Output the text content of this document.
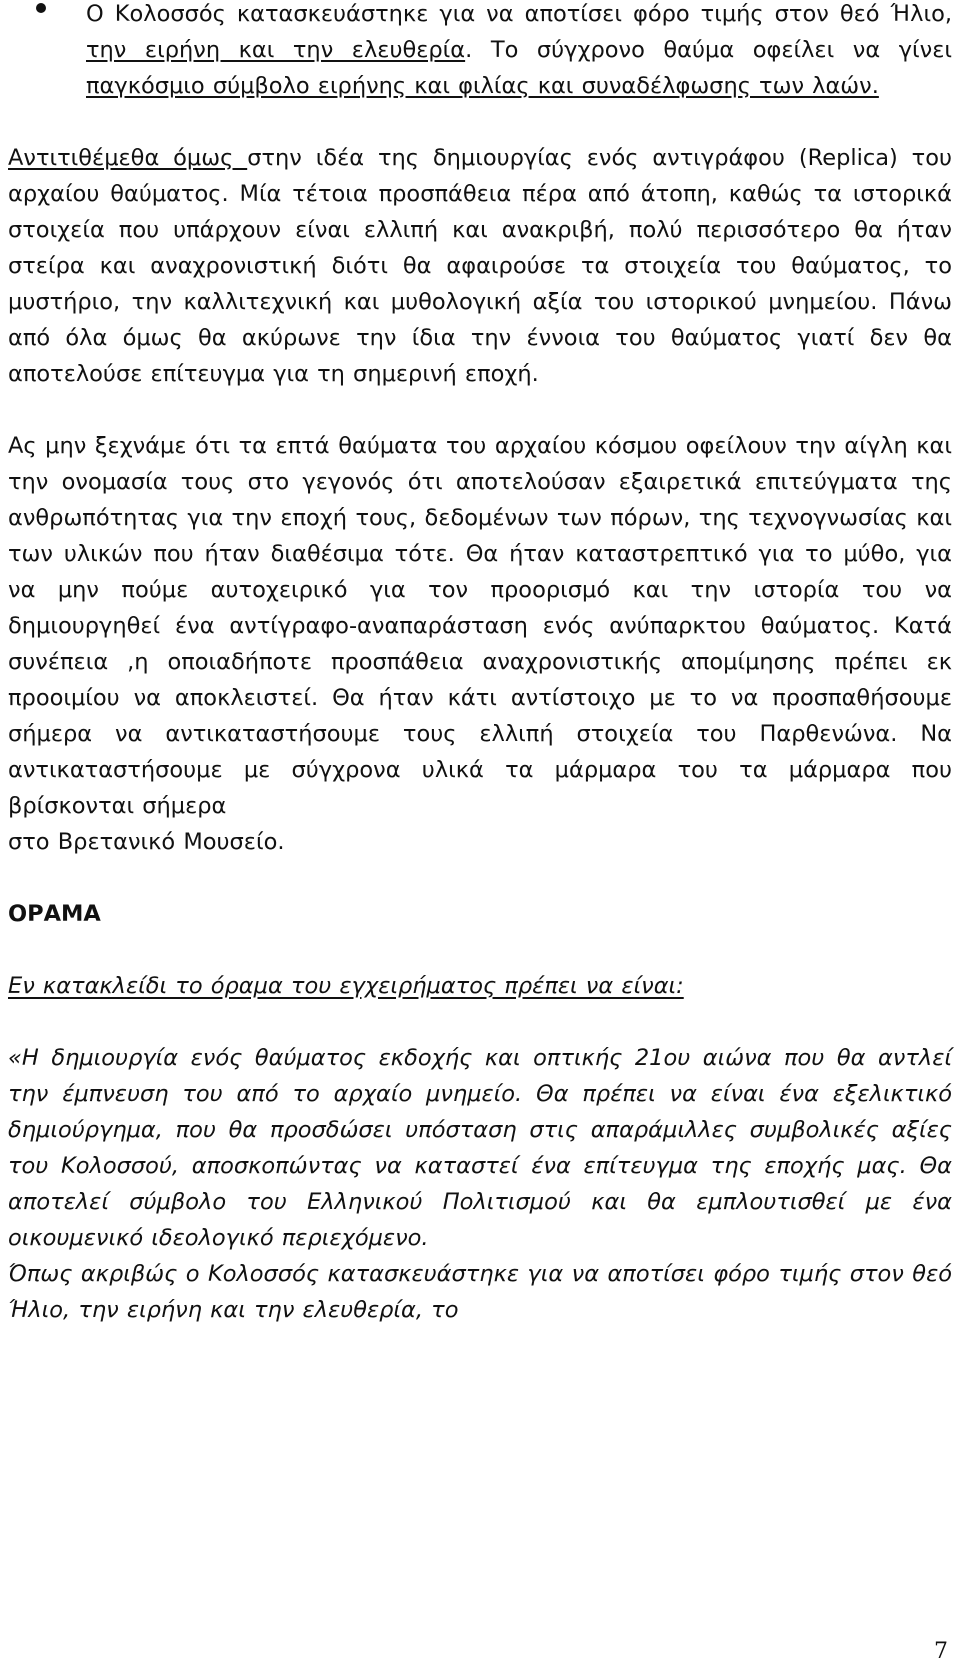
Ο Κολοσσός κατασκευάστηκε για να αποτίσει φόρο τιμής στον θεό Ήλιο, την ειρήνη και την ελευθερία. Το σύγχρονο θαύμα οφείλει να γίνει παγκόσμιο σύμβολο ειρήνης και φιλίας και συναδέλφωσης των λαών.

Αντιτιθέμεθα όμως στην ιδέα της δημιουργίας ενός αντιγράφου (Replica) του αρχαίου θαύματος. Μία τέτοια προσπάθεια πέρα από άτοπη, καθώς τα ιστορικά στοιχεία που υπάρχουν είναι ελλιπή και ανακριβή, πολύ περισσότερο θα ήταν στείρα και αναχρονιστική διότι θα αφαιρούσε τα στοιχεία του θαύματος, το μυστήριο, την καλλιτεχνική και μυθολογική αξία του ιστορικού μνημείου. Πάνω από όλα όμως θα ακύρωνε την ίδια την έννοια του θαύματος γιατί δεν θα αποτελούσε επίτευγμα για τη σημερινή εποχή.

Ας μην ξεχνάμε ότι τα επτά θαύματα του αρχαίου κόσμου οφείλουν την αίγλη και την ονομασία τους στο γεγονός ότι αποτελούσαν εξαιρετικά επιτεύγματα της ανθρωπότητας για την εποχή τους, δεδομένων των πόρων, της τεχνογνωσίας και των υλικών που ήταν διαθέσιμα τότε. Θα ήταν καταστρεπτικό για το μύθο, για να μην πούμε αυτοχειρικό για τον προορισμό και την ιστορία του να δημιουργηθεί ένα αντίγραφο-αναπαράσταση ενός ανύπαρκτου θαύματος. Κατά συνέπεια ,η οποιαδήποτε προσπάθεια αναχρονιστικής απομίμησης πρέπει εκ προοιμίου να αποκλειστεί. Θα ήταν κάτι αντίστοιχο με το να προσπαθήσουμε σήμερα να αντικαταστήσουμε τους ελλιπή στοιχεία του Παρθενώνα. Να αντικαταστήσουμε με σύγχρονα υλικά τα μάρμαρα του τα μάρμαρα που βρίσκονται σήμερα
στο Βρετανικό Μουσείο.

ΟΡΑΜΑ

Εν κατακλείδι το όραμα του εγχειρήματος πρέπει να είναι:

«Η δημιουργία ενός θαύματος εκδοχής και οπτικής 21ου αιώνα που θα αντλεί την έμπνευση του από το αρχαίο μνημείο. Θα πρέπει να είναι ένα εξελικτικό δημιούργημα, που θα προσδώσει υπόσταση στις απαράμιλλες συμβολικές αξίες του Κολοσσού, αποσκοπώντας να καταστεί ένα επίτευγμα της εποχής μας. Θα αποτελεί σύμβολο του Ελληνικού Πολιτισμού και θα εμπλουτισθεί με ένα οικουμενικό ιδεολογικό περιεχόμενο.

Όπως ακριβώς ο Κολοσσός κατασκευάστηκε για να αποτίσει φόρο τιμής στον θεό Ήλιο, την ειρήνη και την ελευθερία, το

7
